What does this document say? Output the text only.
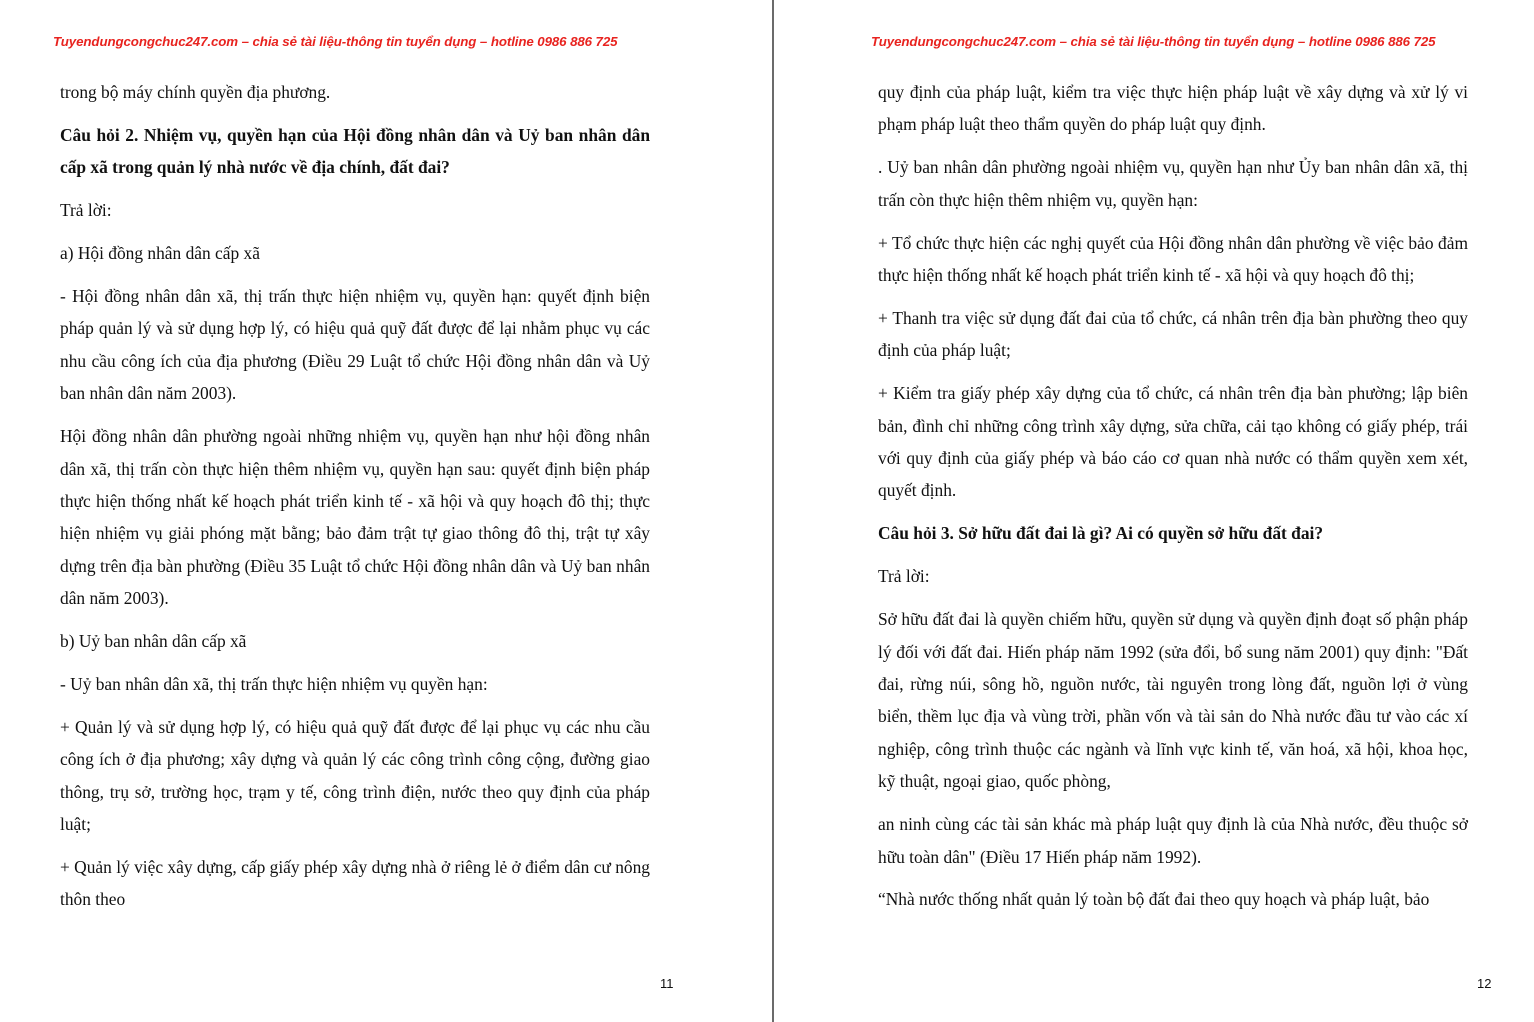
Tuyendungcongchuc247.com – chia sẻ tài liệu-thông tin tuyển dụng – hotline 0986 886 725

trong bộ máy chính quyền địa phương.

Câu hỏi 2. Nhiệm vụ, quyền hạn của Hội đồng nhân dân và Uỷ ban nhân dân cấp xã trong quản lý nhà nước về địa chính, đất đai?

Trả lời:

a) Hội đồng nhân dân cấp xã

- Hội đồng nhân dân xã, thị trấn thực hiện nhiệm vụ, quyền hạn: quyết định biện pháp quản lý và sử dụng hợp lý, có hiệu quả quỹ đất được để lại nhằm phục vụ các nhu cầu công ích của địa phương (Điều 29 Luật tổ chức Hội đồng nhân dân và Uỷ ban nhân dân năm 2003).

Hội đồng nhân dân phường ngoài những nhiệm vụ, quyền hạn như hội đồng nhân dân xã, thị trấn còn thực hiện thêm nhiệm vụ, quyền hạn sau: quyết định biện pháp thực hiện thống nhất kế hoạch phát triển kinh tế - xã hội và quy hoạch đô thị; thực hiện nhiệm vụ giải phóng mặt bằng; bảo đảm trật tự giao thông đô thị, trật tự xây dựng trên địa bàn phường (Điều 35 Luật tổ chức Hội đồng nhân dân và Uỷ ban nhân dân năm 2003).

b) Uỷ ban nhân dân cấp xã

- Uỷ ban nhân dân xã, thị trấn thực hiện nhiệm vụ quyền hạn:

+ Quản lý và sử dụng hợp lý, có hiệu quả quỹ đất được để lại phục vụ các nhu cầu công ích ở địa phương; xây dựng và quản lý các công trình công cộng, đường giao thông, trụ sở, trường học, trạm y tế, công trình điện, nước theo quy định của pháp luật;

+ Quản lý việc xây dựng, cấp giấy phép xây dựng nhà ở riêng lẻ ở điểm dân cư nông thôn theo

11
Tuyendungcongchuc247.com – chia sẻ tài liệu-thông tin tuyển dụng – hotline 0986 886 725

quy định của pháp luật, kiểm tra việc thực hiện pháp luật về xây dựng và xử lý vi phạm pháp luật theo thẩm quyền do pháp luật quy định.

. Uỷ ban nhân dân phường ngoài nhiệm vụ, quyền hạn như Ủy ban nhân dân xã, thị trấn còn thực hiện thêm nhiệm vụ, quyền hạn:

+ Tổ chức thực hiện các nghị quyết của Hội đồng nhân dân phường về việc bảo đảm thực hiện thống nhất kế hoạch phát triển kinh tế - xã hội và quy hoạch đô thị;

+ Thanh tra việc sử dụng đất đai của tổ chức, cá nhân trên địa bàn phường theo quy định của pháp luật;

+ Kiểm tra giấy phép xây dựng của tổ chức, cá nhân trên địa bàn phường; lập biên bản, đình chỉ những công trình xây dựng, sửa chữa, cải tạo không có giấy phép, trái với quy định của giấy phép và báo cáo cơ quan nhà nước có thẩm quyền xem xét, quyết định.

Câu hỏi 3. Sở hữu đất đai là gì? Ai có quyền sở hữu đất đai?

Trả lời:

Sở hữu đất đai là quyền chiếm hữu, quyền sử dụng và quyền định đoạt số phận pháp lý đối với đất đai. Hiến pháp năm 1992 (sửa đổi, bổ sung năm 2001) quy định: "Đất đai, rừng núi, sông hồ, nguồn nước, tài nguyên trong lòng đất, nguồn lợi ở vùng biển, thềm lục địa và vùng trời, phần vốn và tài sản do Nhà nước đầu tư vào các xí nghiệp, công trình thuộc các ngành và lĩnh vực kinh tế, văn hoá, xã hội, khoa học, kỹ thuật, ngoại giao, quốc phòng,

an ninh cùng các tài sản khác mà pháp luật quy định là của Nhà nước, đều thuộc sở hữu toàn dân" (Điều 17 Hiến pháp năm 1992).

“Nhà nước thống nhất quản lý toàn bộ đất đai theo quy hoạch và pháp luật, bảo

12
